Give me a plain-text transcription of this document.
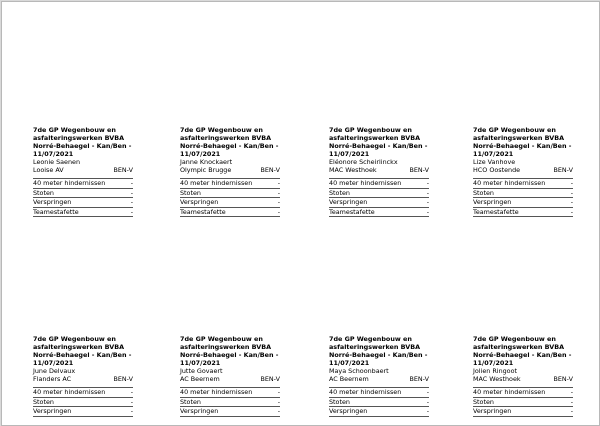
7de GP Wegenbouw en
asfalteringswerken BVBA
Norré-Behaegel - Kan/Ben -
11/07/2021
Leonie Saenen
Looise AV	BEN-V
40 meter hindernissen	-
Stoten	-
Verspringen	-
Teamestafette	-
7de GP Wegenbouw en
asfalteringswerken BVBA
Norré-Behaegel - Kan/Ben -
11/07/2021
Janne Knockaert
Olympic Brugge	BEN-V
40 meter hindernissen	-
Stoten	-
Verspringen	-
Teamestafette	-
7de GP Wegenbouw en
asfalteringswerken BVBA
Norré-Behaegel - Kan/Ben -
11/07/2021
Eléonore Scheirlinckx
MAC Westhoek	BEN-V
40 meter hindernissen	-
Stoten	-
Verspringen	-
Teamestafette	-
7de GP Wegenbouw en
asfalteringswerken BVBA
Norré-Behaegel - Kan/Ben -
11/07/2021
Lize Vanhove
HCO Oostende	BEN-V
40 meter hindernissen	-
Stoten	-
Verspringen	-
Teamestafette	-
7de GP Wegenbouw en
asfalteringswerken BVBA
Norré-Behaegel - Kan/Ben -
11/07/2021
June Delvaux
Flanders AC	BEN-V
40 meter hindernissen	-
Stoten	-
Verspringen	-
7de GP Wegenbouw en
asfalteringswerken BVBA
Norré-Behaegel - Kan/Ben -
11/07/2021
Jutte Govaert
AC Beernem	BEN-V
40 meter hindernissen	-
Stoten	-
Verspringen	-
7de GP Wegenbouw en
asfalteringswerken BVBA
Norré-Behaegel - Kan/Ben -
11/07/2021
Maya Schoonbaert
AC Beernem	BEN-V
40 meter hindernissen	-
Stoten	-
Verspringen	-
7de GP Wegenbouw en
asfalteringswerken BVBA
Norré-Behaegel - Kan/Ben -
11/07/2021
Jolien Ringoot
MAC Westhoek	BEN-V
40 meter hindernissen	-
Stoten	-
Verspringen	-
